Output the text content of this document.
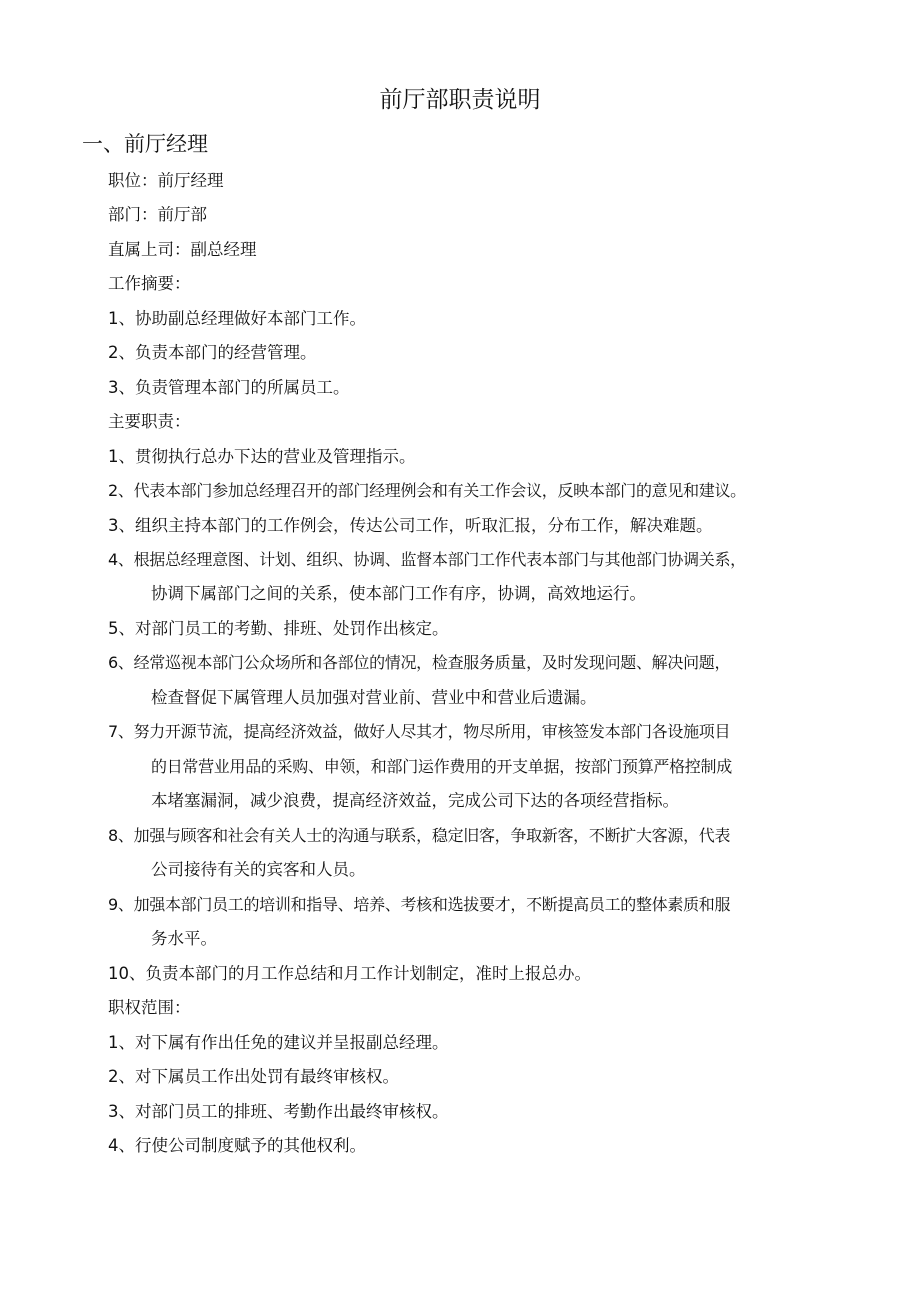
前厅部职责说明
一、前厅经理
职位：前厅经理
部门：前厅部
直属上司：副总经理
工作摘要：
1、协助副总经理做好本部门工作。
2、负责本部门的经营管理。
3、负责管理本部门的所属员工。
主要职责：
1、贯彻执行总办下达的营业及管理指示。
2、代表本部门参加总经理召开的部门经理例会和有关工作会议，反映本部门的意见和建议。
3、组织主持本部门的工作例会，传达公司工作，听取汇报，分布工作，解决难题。
4、根据总经理意图、计划、组织、协调、监督本部门工作代表本部门与其他部门协调关系，
协调下属部门之间的关系，使本部门工作有序，协调，高效地运行。
5、对部门员工的考勤、排班、处罚作出核定。
6、经常巡视本部门公众场所和各部位的情况，检查服务质量，及时发现问题、解决问题，
检查督促下属管理人员加强对营业前、营业中和营业后遗漏。
7、努力开源节流，提高经济效益，做好人尽其才，物尽所用，审核签发本部门各设施项目
的日常营业用品的采购、申领，和部门运作费用的开支单据，按部门预算严格控制成
本堵塞漏洞，减少浪费，提高经济效益，完成公司下达的各项经营指标。
8、加强与顾客和社会有关人士的沟通与联系，稳定旧客，争取新客，不断扩大客源，代表
公司接待有关的宾客和人员。
9、加强本部门员工的培训和指导、培养、考核和选拔要才，不断提高员工的整体素质和服
务水平。
10、负责本部门的月工作总结和月工作计划制定，准时上报总办。
职权范围：
1、对下属有作出任免的建议并呈报副总经理。
2、对下属员工作出处罚有最终审核权。
3、对部门员工的排班、考勤作出最终审核权。
4、行使公司制度赋予的其他权利。
